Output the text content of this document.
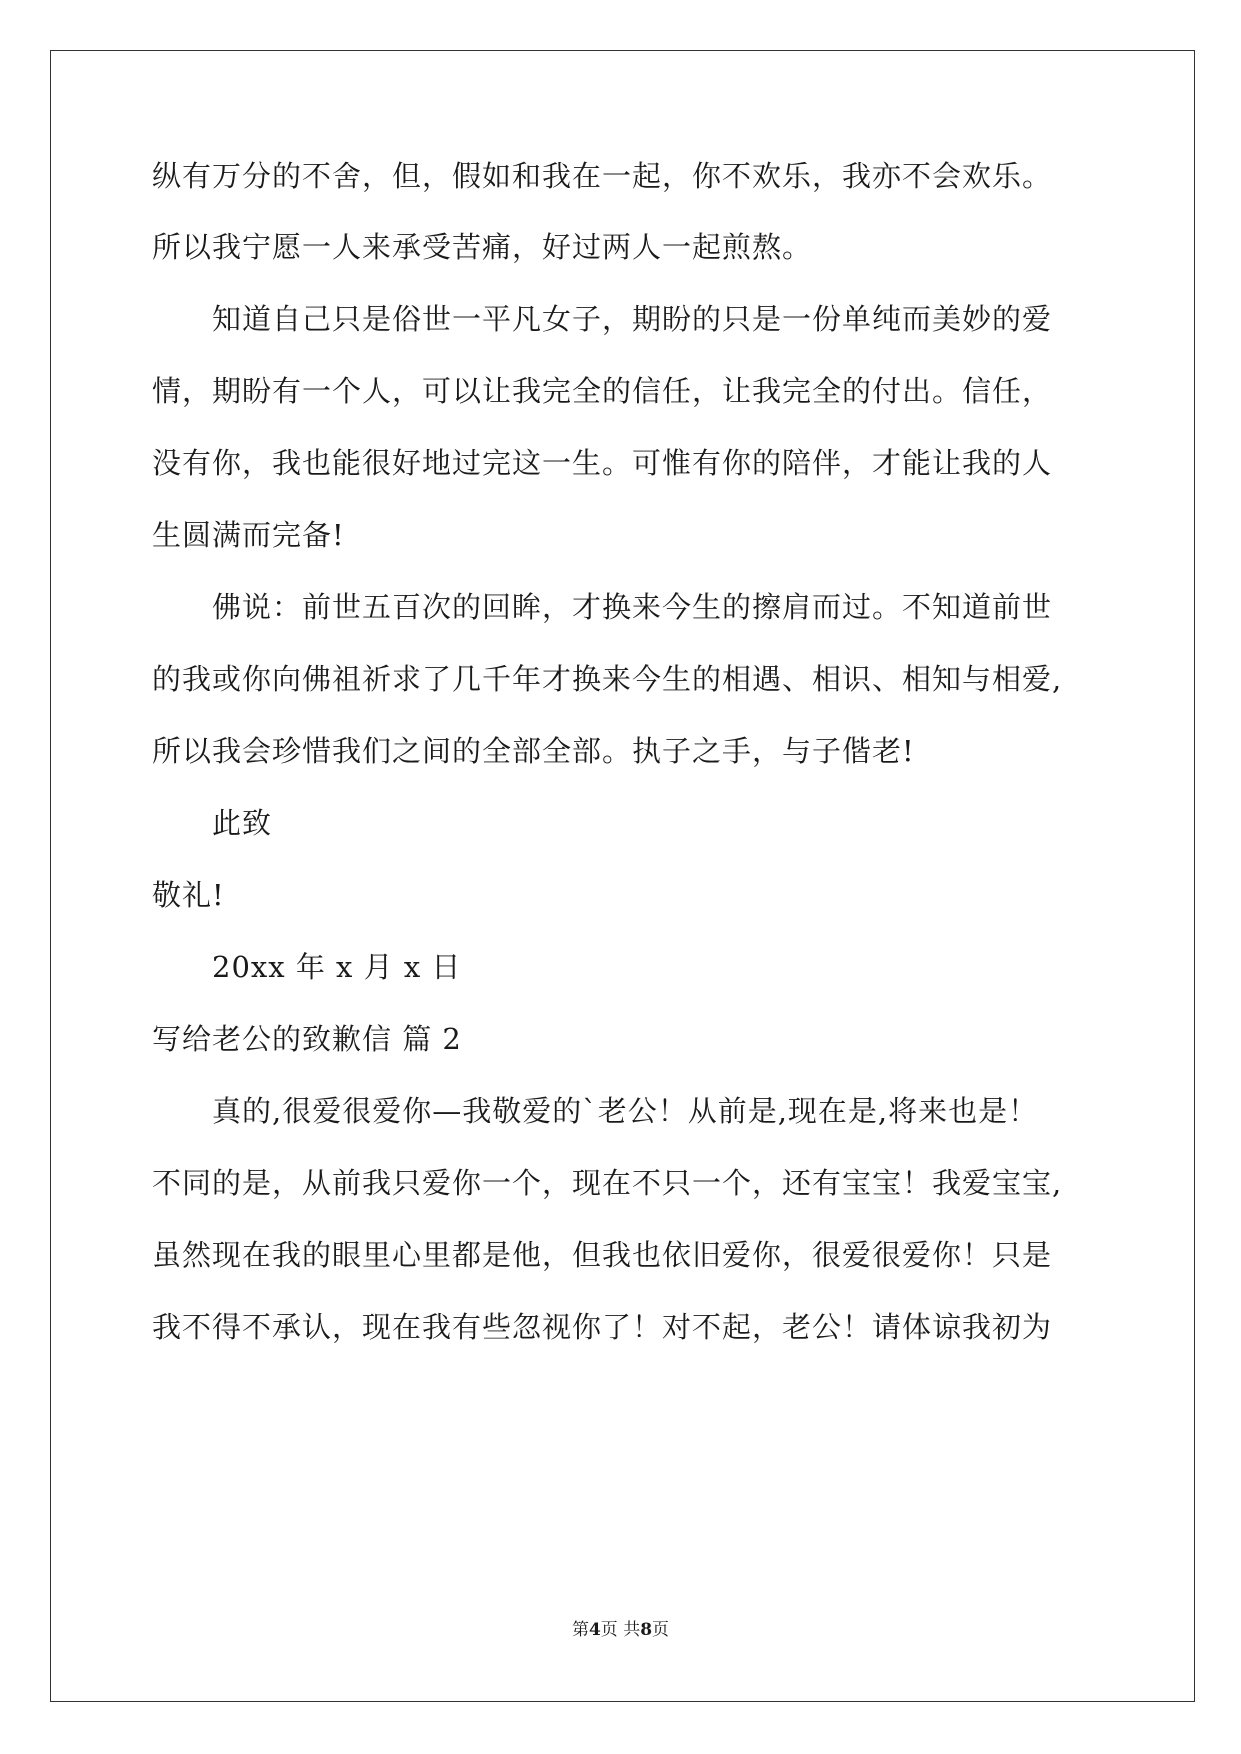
纵有万分的不舍，但，假如和我在一起，你不欢乐，我亦不会欢乐。
所以我宁愿一人来承受苦痛，好过两人一起煎熬。
知道自己只是俗世一平凡女子，期盼的只是一份单纯而美妙的爱
情，期盼有一个人，可以让我完全的信任，让我完全的付出。信任，
没有你，我也能很好地过完这一生。可惟有你的陪伴，才能让我的人
生圆满而完备!
佛说：前世五百次的回眸，才换来今生的擦肩而过。不知道前世
的我或你向佛祖祈求了几千年才换来今生的相遇、相识、相知与相爱,
所以我会珍惜我们之间的全部全部。执子之手，与子偕老!
此致
敬礼!
20xx 年 x 月 x 日
写给老公的致歉信 篇 2
真的,很爱很爱你—我敬爱的`老公！从前是,现在是,将来也是！
不同的是，从前我只爱你一个，现在不只一个，还有宝宝！我爱宝宝,
虽然现在我的眼里心里都是他，但我也依旧爱你，很爱很爱你！只是
我不得不承认，现在我有些忽视你了！对不起，老公！请体谅我初为
第4页 共8页
